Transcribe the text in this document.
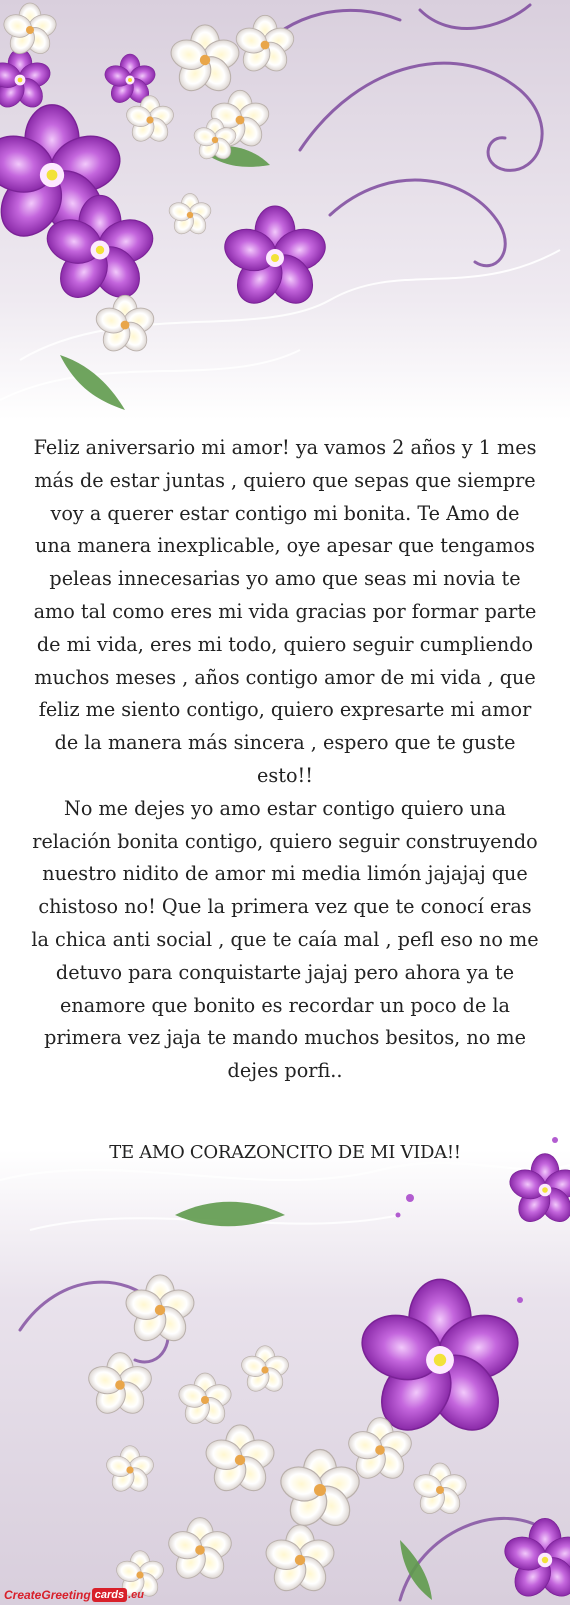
Feliz aniversario mi amor! ya vamos 2 años y 1 mes más de estar juntas , quiero que sepas que siempre voy a querer estar contigo mi bonita. Te Amo de una manera inexplicable, oye apesar que tengamos peleas innecesarias yo amo que seas mi novia te amo tal como eres mi vida gracias por formar parte de mi vida, eres mi todo, quiero seguir cumpliendo muchos meses , años contigo amor de mi vida , que feliz me siento contigo, quiero expresarte mi amor de la manera más sincera , espero que te guste esto!!
No me dejes yo amo estar contigo quiero una relación bonita contigo, quiero seguir construyendo nuestro nidito de amor mi media limón jajajaj que chistoso no! Que la primera vez que te conocí eras la chica anti social , que te caía mal , pefl eso no me detuvo para conquistarte jajaj pero ahora ya te enamore que bonito es recordar un poco de la primera vez jaja te mando muchos besitos, no me dejes porfi..

TE AMO CORAZONCITO DE MI VIDA!!

CreateGreeting cards .eu
